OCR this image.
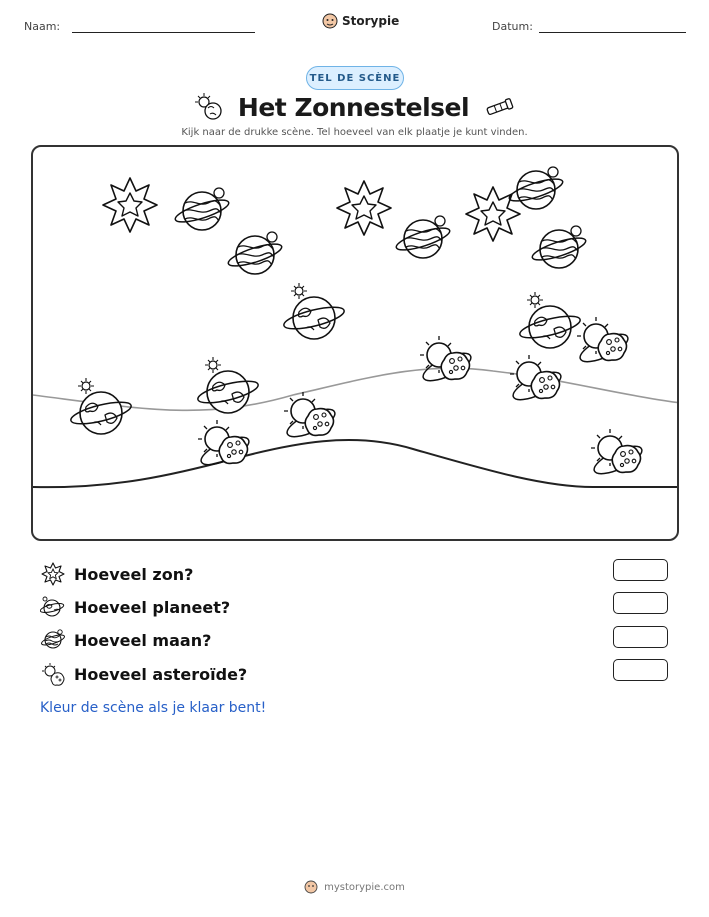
Naam:	Storypie	Datum:
TEL DE SCÈNE
Het Zonnestelsel
Kijk naar de drukke scène. Tel hoeveel van elk plaatje je kunt vinden.
Hoeveel zon?
Hoeveel planeet?
Hoeveel maan?
Hoeveel asteroïde?
Kleur de scène als je klaar bent!
mystorypie.com
